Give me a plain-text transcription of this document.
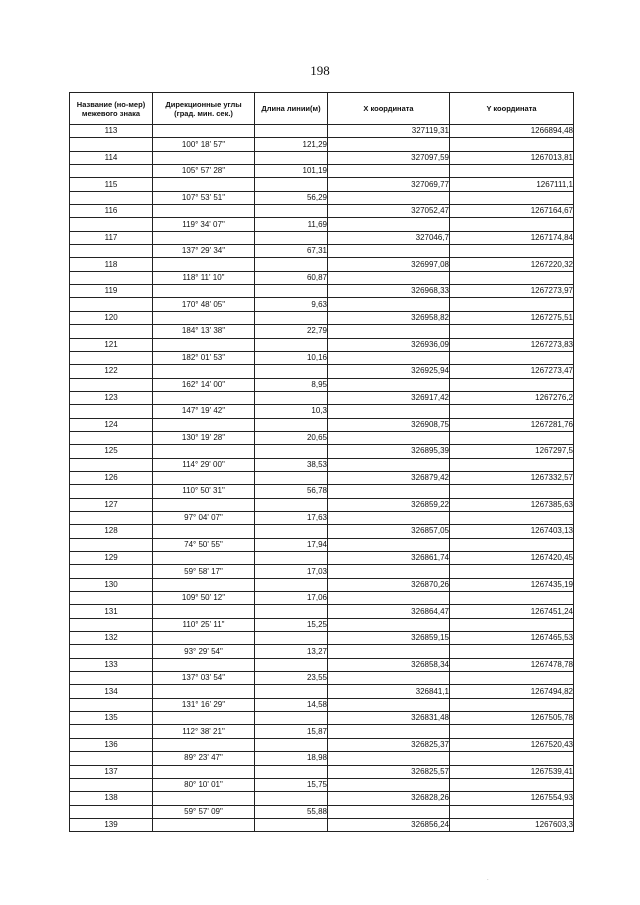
198
Название (но-мер) межевого знака	Дирекционные углы (град. мин. сек.)	Длина линии(м)	X координата	Y координата
113			327119,31	1266894,48
	100° 18' 57"	121,29		
114			327097,59	1267013,81
	105° 57' 28"	101,19		
115			327069,77	1267111,1
	107° 53' 51"	56,29		
116			327052,47	1267164,67
	119° 34' 07"	11,69		
117			327046,7	1267174,84
	137° 29' 34"	67,31		
118			326997,08	1267220,32
	118° 11' 10"	60,87		
119			326968,33	1267273,97
	170° 48' 05"	9,63		
120			326958,82	1267275,51
	184° 13' 38"	22,79		
121			326936,09	1267273,83
	182° 01' 53"	10,16		
122			326925,94	1267273,47
	162° 14' 00"	8,95		
123			326917,42	1267276,2
	147° 19' 42"	10,3		
124			326908,75	1267281,76
	130° 19' 28"	20,65		
125			326895,39	1267297,5
	114° 29' 00"	38,53		
126			326879,42	1267332,57
	110° 50' 31"	56,78		
127			326859,22	1267385,63
	97° 04' 07"	17,63		
128			326857,05	1267403,13
	74° 50' 55"	17,94		
129			326861,74	1267420,45
	59° 58' 17"	17,03		
130			326870,26	1267435,19
	109° 50' 12"	17,06		
131			326864,47	1267451,24
	110° 25' 11"	15,25		
132			326859,15	1267465,53
	93° 29' 54"	13,27		
133			326858,34	1267478,78
	137° 03' 54"	23,55		
134			326841,1	1267494,82
	131° 16' 29"	14,58		
135			326831,48	1267505,78
	112° 38' 21"	15,87		
136			326825,37	1267520,43
	89° 23' 47"	18,98		
137			326825,57	1267539,41
	80° 10' 01"	15,75		
138			326828,26	1267554,93
	59° 57' 09"	55,88		
139			326856,24	1267603,3
.
